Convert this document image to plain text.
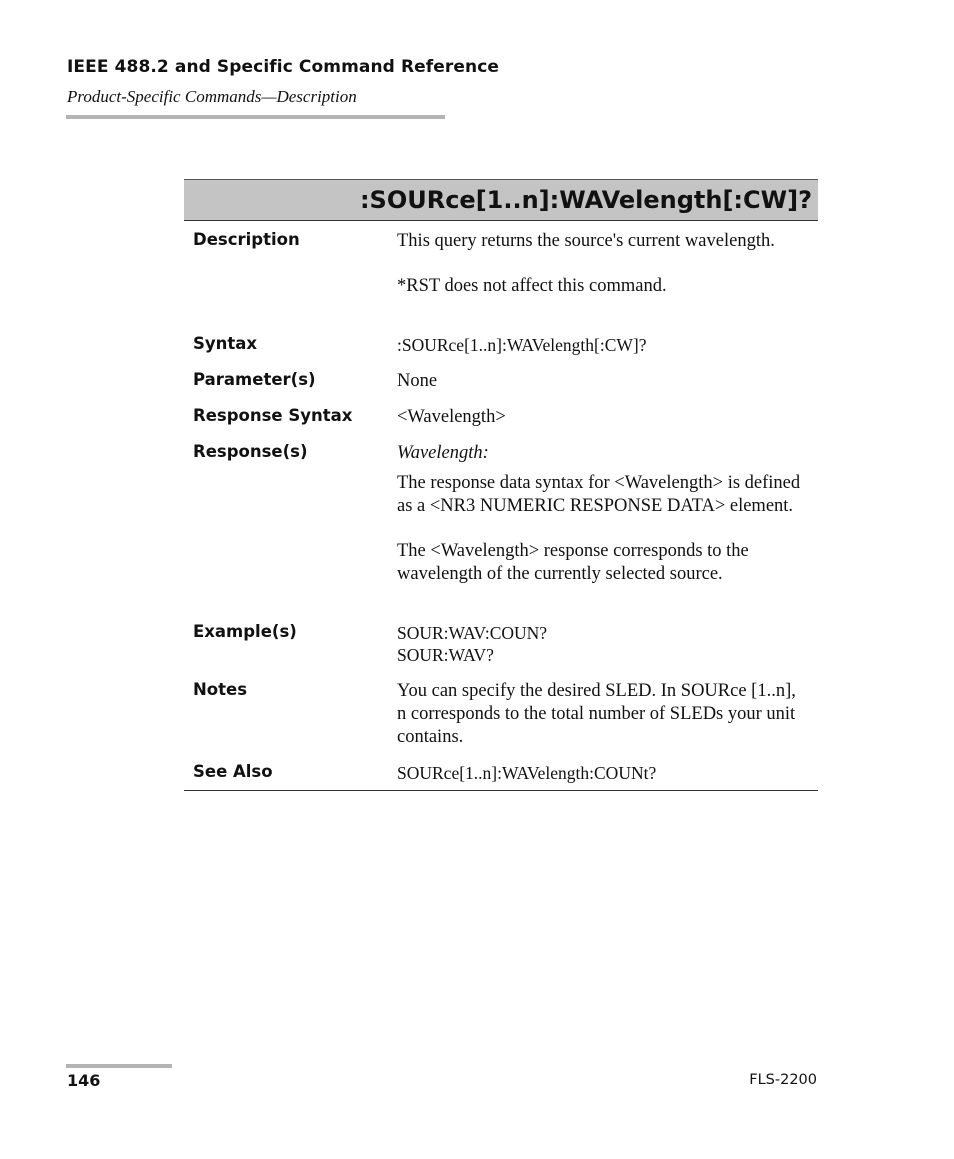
IEEE 488.2 and Specific Command Reference
Product-Specific Commands—Description
:SOURce[1..n]:WAVelength[:CW]?
Description	This query returns the source's current wavelength.

*RST does not affect this command.

Syntax	:SOURce[1..n]:WAVelength[:CW]?
Parameter(s)	None
Response Syntax <Wavelength>
Response(s)	Wavelength:

The response data syntax for <Wavelength> is defined as a <NR3 NUMERIC RESPONSE DATA> element.

The <Wavelength> response corresponds to the wavelength of the currently selected source.

Example(s)	SOUR:WAV:COUN?

SOUR:WAV?

Notes	You can specify the desired SLED. In SOURce [1..n], n corresponds to the total number of SLEDs your unit contains.
See Also	SOURce[1..n]:WAVelength:COUNt?
146	FLS-2200
